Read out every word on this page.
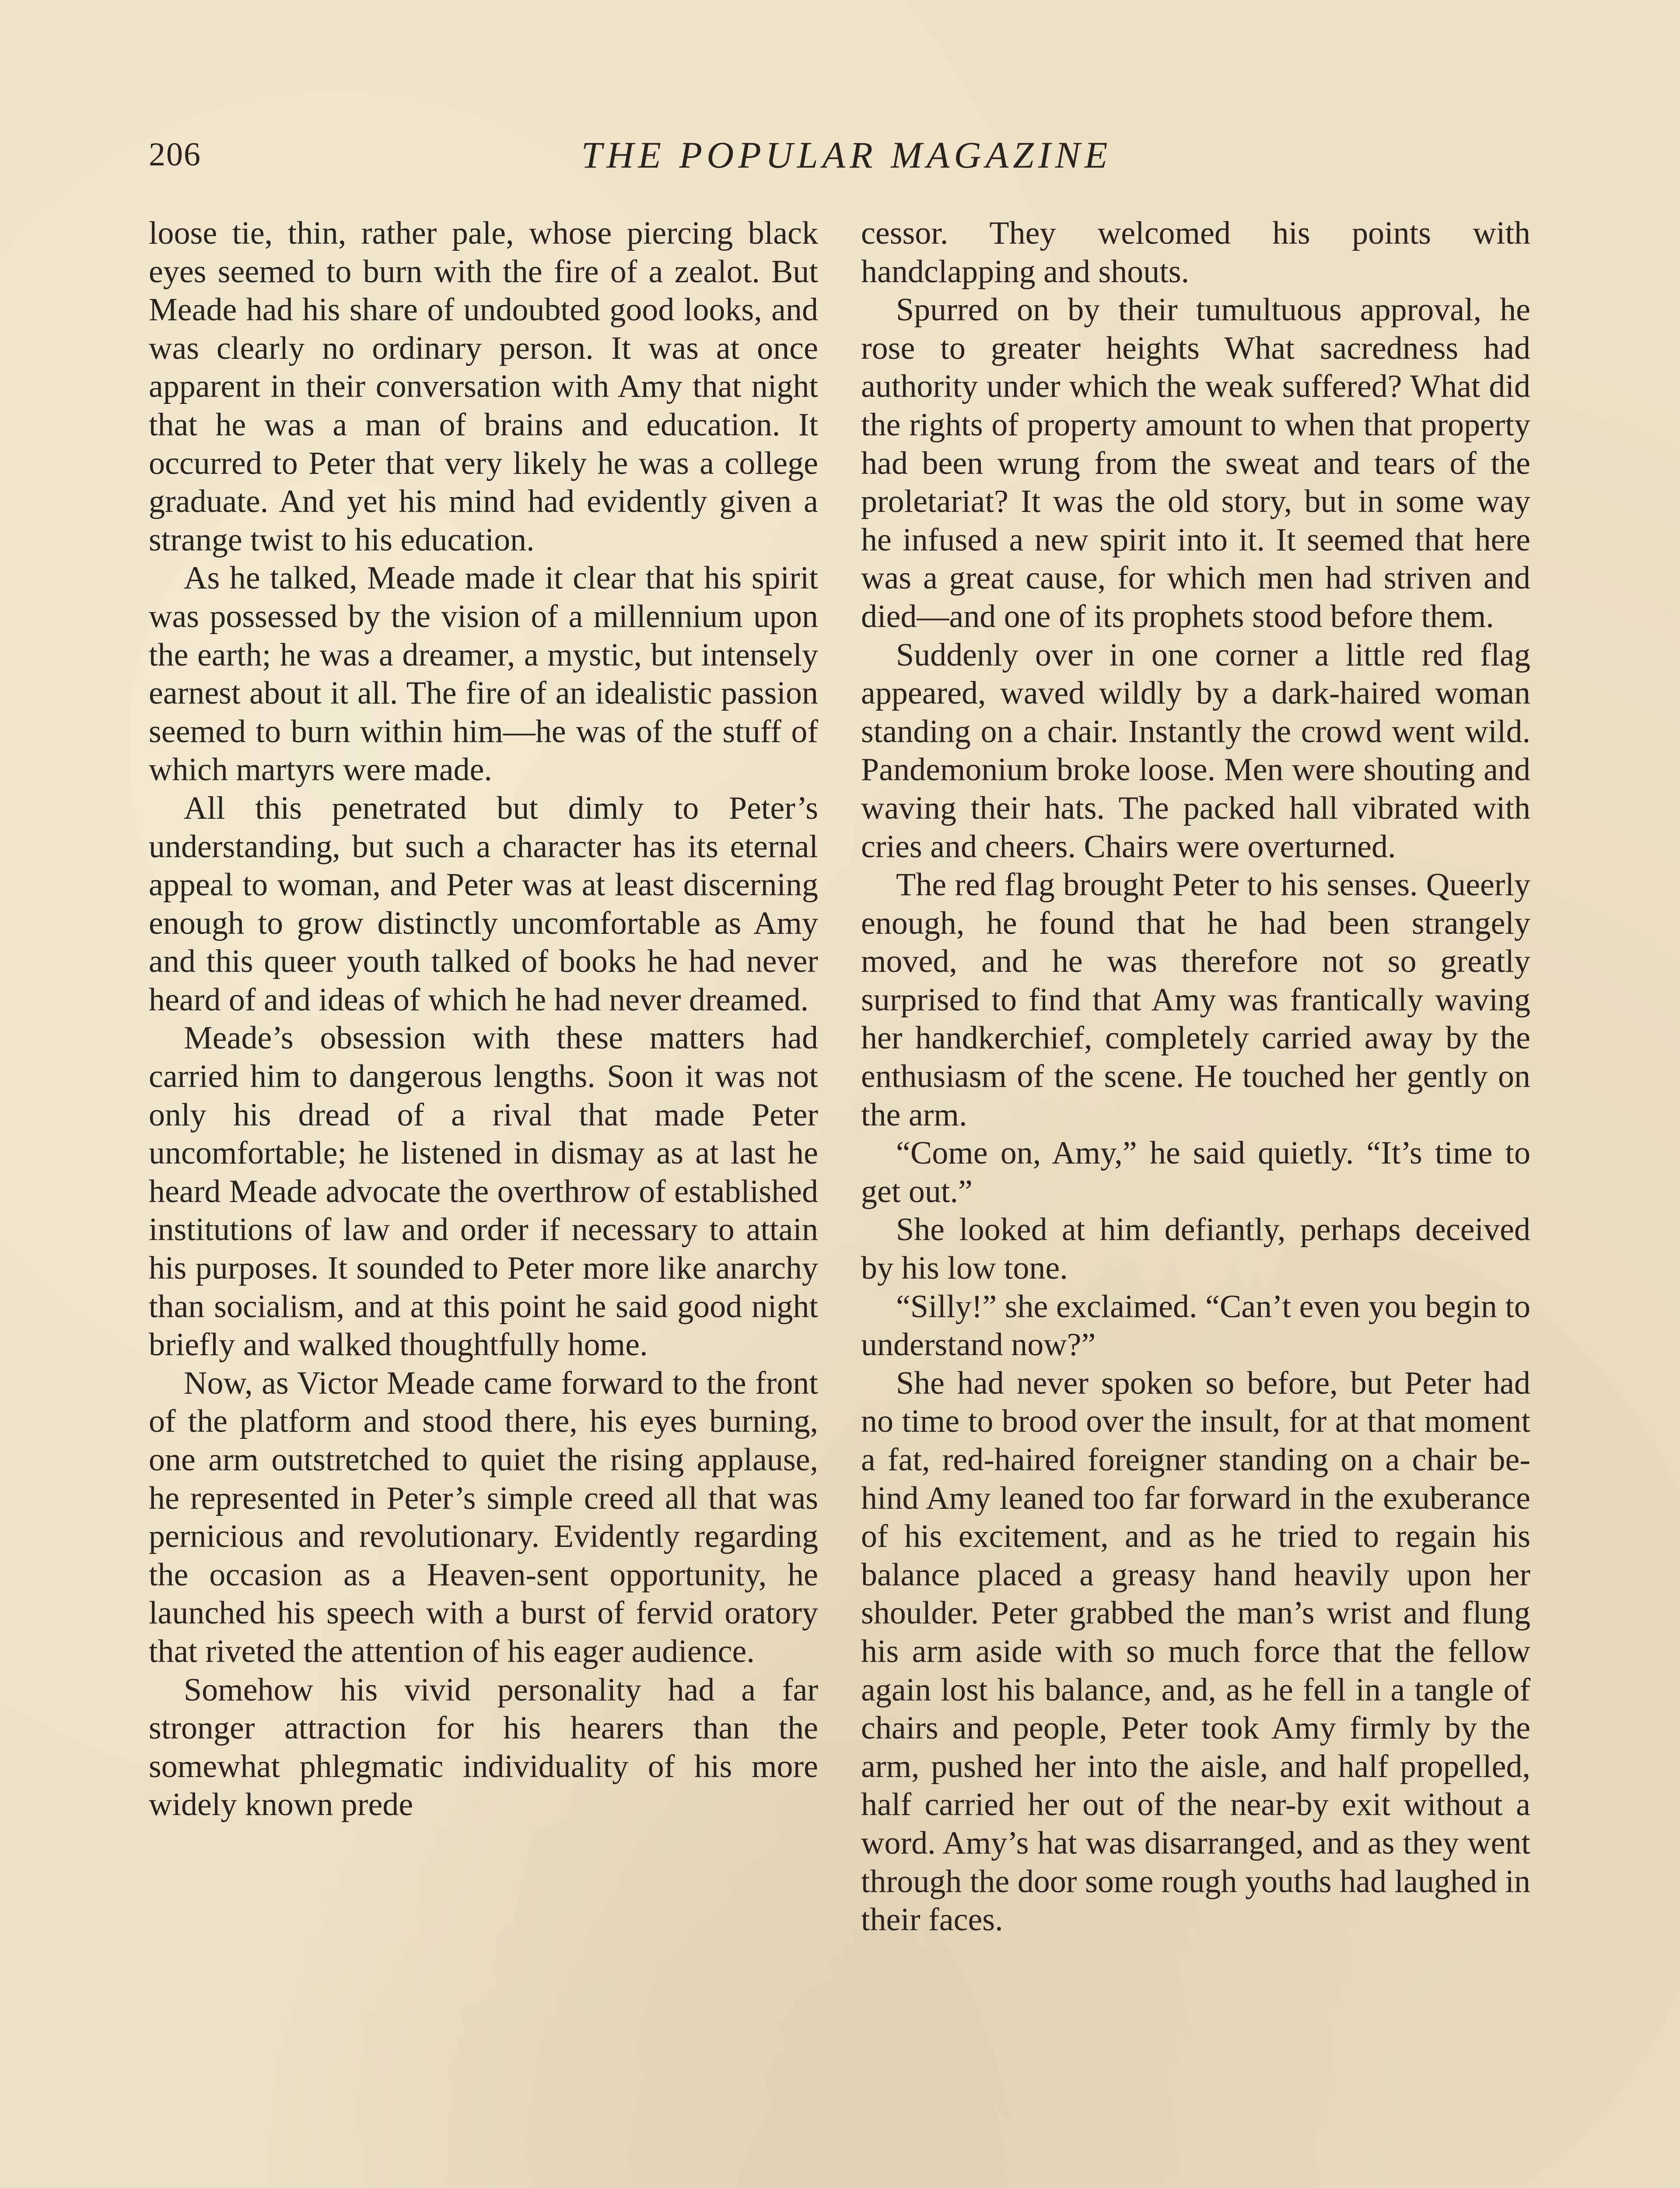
206	THE POPULAR MAGAZINE

loose tie, thin, rather pale, whose piercing black eyes seemed to burn with the fire of a zealot. But Meade had his share of undoubted good looks, and was clearly no ordinary person. It was at once apparent in their conversation with Amy that night that he was a man of brains and education. It occurred to Peter that very likely he was a college graduate. And yet his mind had evidently given a strange twist to his education.

As he talked, Meade made it clear that his spirit was possessed by the vision of a millennium upon the earth; he was a dreamer, a mystic, but intensely earnest about it all. The fire of an idealistic passion seemed to burn within him—he was of the stuff of which martyrs were made.

All this penetrated but dimly to Peter’s understanding, but such a character has its eternal appeal to woman, and Peter was at least discerning enough to grow distinctly uncomfortable as Amy and this queer youth talked of books he had never heard of and ideas of which he had never dreamed.

Meade’s obsession with these matters had carried him to dangerous lengths. Soon it was not only his dread of a rival that made Peter uncomfortable; he listened in dismay as at last he heard Meade advocate the overthrow of established institutions of law and order if necessary to attain his purposes. It sounded to Peter more like anarchy than socialism, and at this point he said good night briefly and walked thoughtfully home.

Now, as Victor Meade came forward to the front of the platform and stood there, his eyes burning, one arm outstretched to quiet the rising applause, he represented in Peter’s simple creed all that was pernicious and revolutionary. Evidently regarding the occasion as a Heaven-sent opportunity, he launched his speech with a burst of fervid oratory that riveted the attention of his eager audience.

Somehow his vivid personality had a far stronger attraction for his hearers than the somewhat phlegmatic individuality of his more widely known prede

cessor. They welcomed his points with handclapping and shouts.

Spurred on by their tumultuous approval, he rose to greater heights What sacredness had authority under which the weak suffered? What did the rights of property amount to when that property had been wrung from the sweat and tears of the proletariat? It was the old story, but in some way he infused a new spirit into it. It seemed that here was a great cause, for which men had striven and died—and one of its prophets stood before them.

Suddenly over in one corner a little red flag appeared, waved wildly by a dark-haired woman standing on a chair. Instantly the crowd went wild. Pandemonium broke loose. Men were shouting and waving their hats. The packed hall vibrated with cries and cheers. Chairs were overturned.

The red flag brought Peter to his senses. Queerly enough, he found that he had been strangely moved, and he was therefore not so greatly surprised to find that Amy was frantically waving her handkerchief, completely carried away by the enthusiasm of the scene. He touched her gently on the arm.

“Come on, Amy,” he said quietly. “It’s time to get out.”

She looked at him defiantly, perhaps deceived by his low tone.

“Silly!” she exclaimed. “Can’t even you begin to understand now?”

She had never spoken so before, but Peter had no time to brood over the insult, for at that moment a fat, red-haired foreigner standing on a chair behind Amy leaned too far forward in the exuberance of his excitement, and as he tried to regain his balance placed a greasy hand heavily upon her shoulder. Peter grabbed the man’s wrist and flung his arm aside with so much force that the fellow again lost his balance, and, as he fell in a tangle of chairs and people, Peter took Amy firmly by the arm, pushed her into the aisle, and half propelled, half carried her out of the near-by exit without a word. Amy’s hat was disarranged, and as they went through the door some rough youths had laughed in their faces.
